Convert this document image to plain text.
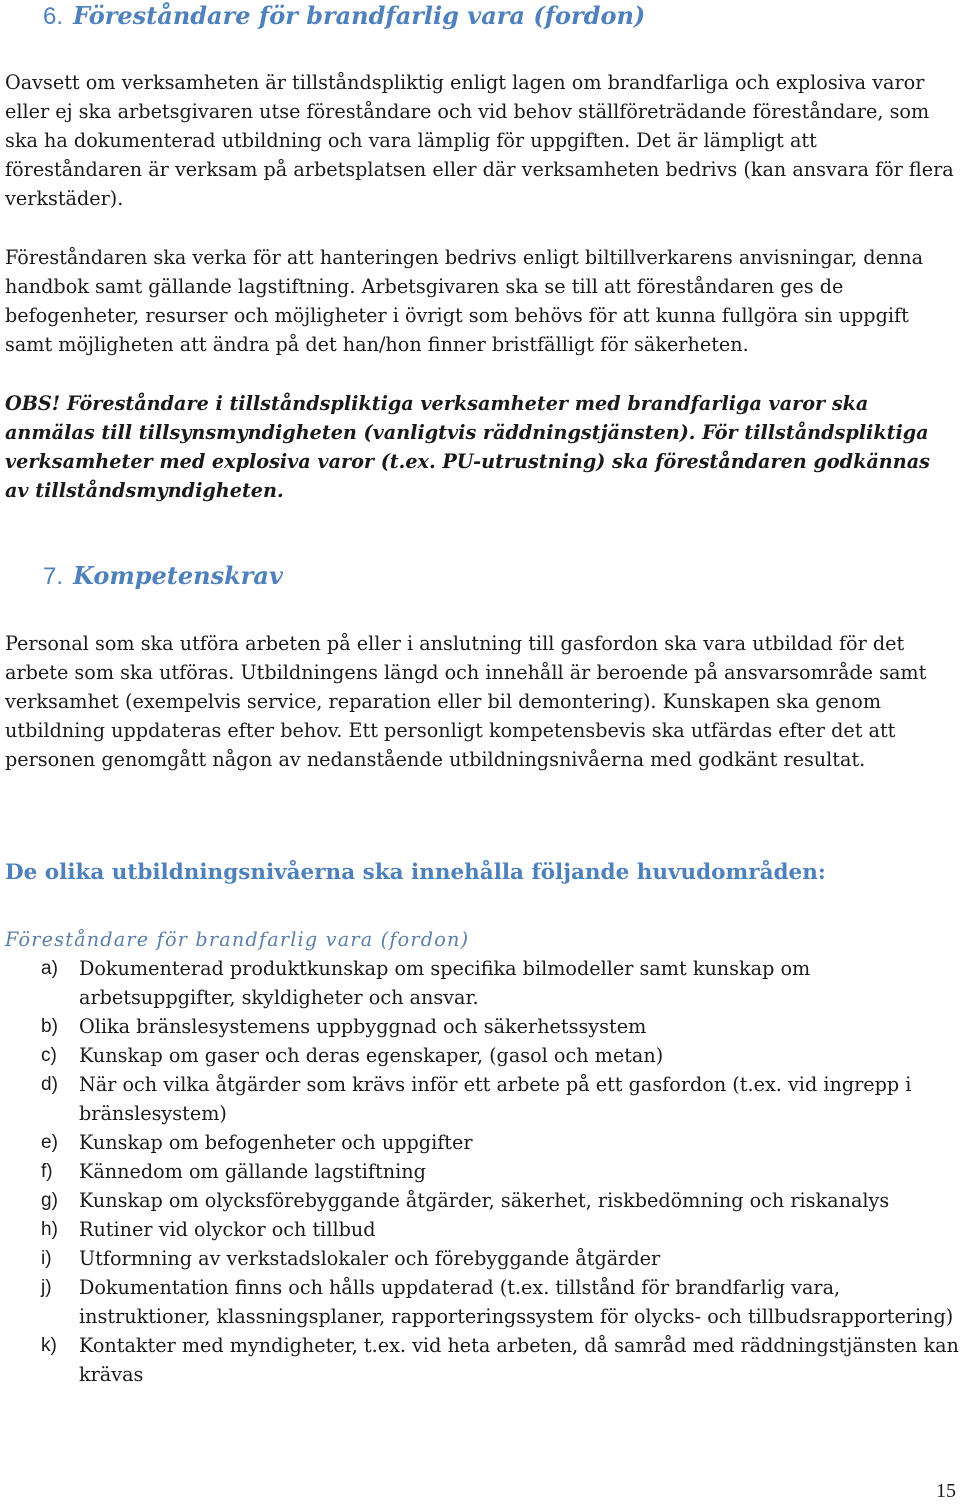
6. Föreståndare för brandfarlig vara (fordon)

Oavsett om verksamheten är tillståndspliktig enligt lagen om brandfarliga och explosiva varor eller ej ska arbetsgivaren utse föreståndare och vid behov ställföreträdande föreståndare, som ska ha dokumenterad utbildning och vara lämplig för uppgiften. Det är lämpligt att föreståndaren är verksam på arbetsplatsen eller där verksamheten bedrivs (kan ansvara för flera verkstäder).

Föreståndaren ska verka för att hanteringen bedrivs enligt biltillverkarens anvisningar, denna handbok samt gällande lagstiftning. Arbetsgivaren ska se till att föreståndaren ges de befogenheter, resurser och möjligheter i övrigt som behövs för att kunna fullgöra sin uppgift samt möjligheten att ändra på det han/hon finner bristfälligt för säkerheten.

OBS! Föreståndare i tillståndspliktiga verksamheter med brandfarliga varor ska anmälas till tillsynsmyndigheten (vanligtvis räddningstjänsten). För tillståndspliktiga verksamheter med explosiva varor (t.ex. PU-utrustning) ska föreståndaren godkännas av tillståndsmyndigheten.

7. Kompetenskrav

Personal som ska utföra arbeten på eller i anslutning till gasfordon ska vara utbildad för det arbete som ska utföras. Utbildningens längd och innehåll är beroende på ansvarsområde samt verksamhet (exempelvis service, reparation eller bil demontering). Kunskapen ska genom utbildning uppdateras efter behov. Ett personligt kompetensbevis ska utfärdas efter det att personen genomgått någon av nedanstående utbildningsnivåerna med godkänt resultat.

De olika utbildningsnivåerna ska innehålla följande huvudområden:
Föreståndare för brandfarlig vara (fordon)
a)	Dokumenterad produktkunskap om specifika bilmodeller samt kunskap om arbetsuppgifter, skyldigheter och ansvar.
b)	Olika bränslesystemens uppbyggnad och säkerhetssystem
c)	Kunskap om gaser och deras egenskaper, (gasol och metan)
d)	När och vilka åtgärder som krävs inför ett arbete på ett gasfordon (t.ex. vid ingrepp i bränslesystem)
e)	Kunskap om befogenheter och uppgifter
f)	Kännedom om gällande lagstiftning
g)	Kunskap om olycksförebyggande åtgärder, säkerhet, riskbedömning och riskanalys
h)	Rutiner vid olyckor och tillbud
i)	Utformning av verkstadslokaler och förebyggande åtgärder
j)	Dokumentation finns och hålls uppdaterad (t.ex. tillstånd för brandfarlig vara, instruktioner, klassningsplaner, rapporteringssystem för olycks- och tillbudsrapportering)
k)	Kontakter med myndigheter, t.ex. vid heta arbeten, då samråd med räddningstjänsten kan krävas
15
